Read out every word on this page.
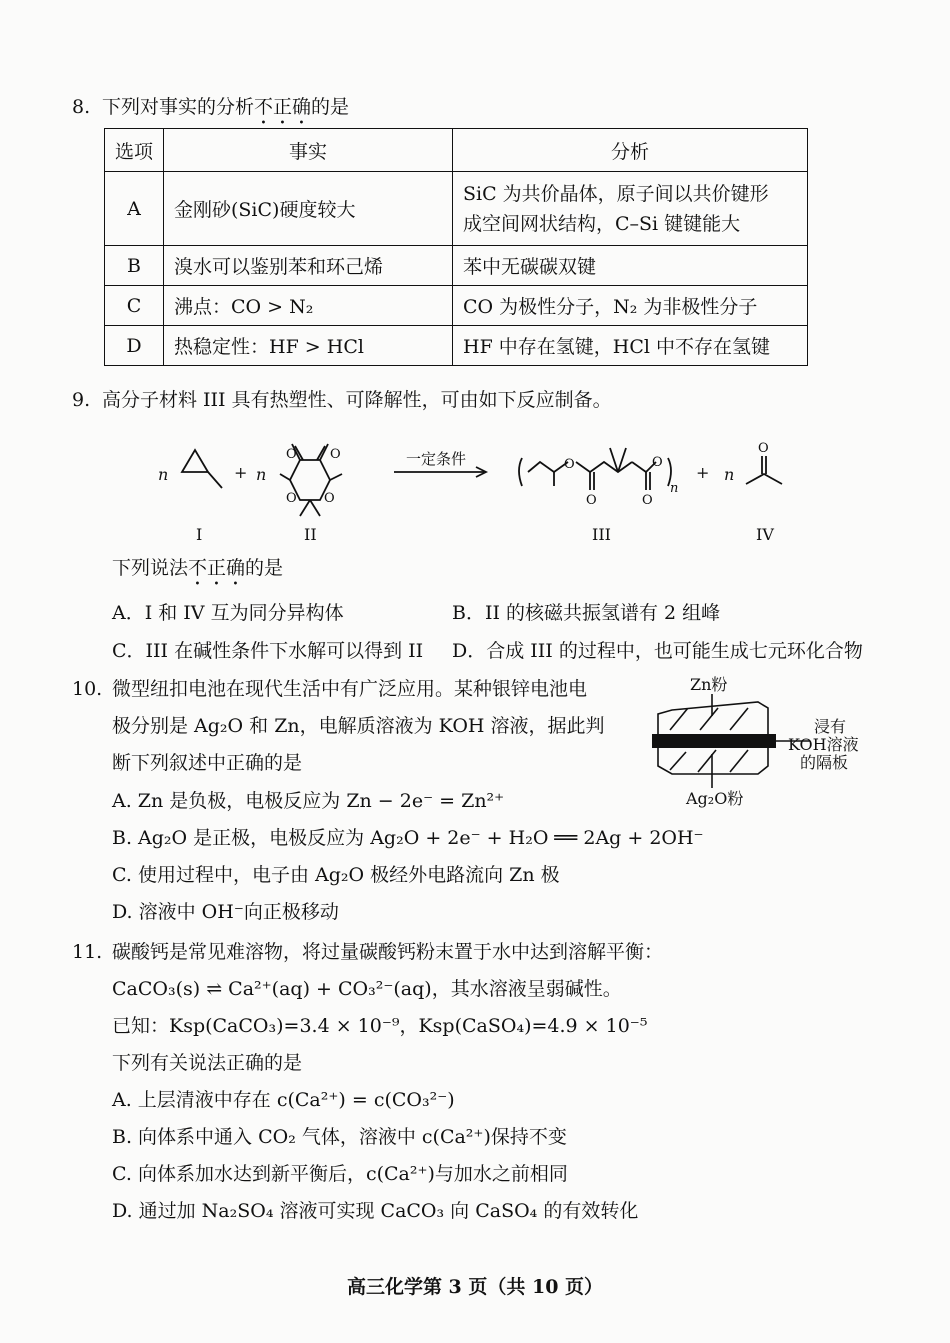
8. 下列对事实的分析不正确的是
选项	事实	分析
A	金刚砂(SiC)硬度较大	SiC 为共价晶体，原子间以共价键形
成空间网状结构，C–Si 键键能大

B	溴水可以鉴别苯和环己烯	苯中无碳碳双键
C	沸点：CO > N₂	CO 为极性分子，N₂ 为非极性分子
D	热稳定性：HF > HCl	HF 中存在氢键，HCl 中不存在氢键
9. 高分子材料 III 具有热塑性、可降解性，可由如下反应制备。
n	+ n
O	O
O O
一定条件	O
O	O
O
n
+ n
O
I	II	III	IV
下列说法不正确的是
A．I 和 IV 互为同分异构体	B．II 的核磁共振氢谱有 2 组峰
C．III 在碱性条件下水解可以得到 II D．合成 III 的过程中，也可能生成七元环化合物
10. 微型纽扣电池在现代生活中有广泛应用。某种银锌电池电
极分别是 Ag₂O 和 Zn，电解质溶液为 KOH 溶液，据此判
断下列叙述中正确的是
Zn粉
Ag₂O粉
浸有
KOH溶液
的隔板
A. Zn 是负极，电极反应为 Zn − 2e⁻ = Zn²⁺
B. Ag₂O 是正极，电极反应为 Ag₂O + 2e⁻ + H₂O ══ 2Ag + 2OH⁻
C. 使用过程中，电子由 Ag₂O 极经外电路流向 Zn 极
D. 溶液中 OH⁻向正极移动
11. 碳酸钙是常见难溶物，将过量碳酸钙粉末置于水中达到溶解平衡：
CaCO₃(s) ⇌ Ca²⁺(aq) + CO₃²⁻(aq)，其水溶液呈弱碱性。
已知：Ksp(CaCO₃)=3.4 × 10⁻⁹，Ksp(CaSO₄)=4.9 × 10⁻⁵
下列有关说法正确的是
A. 上层清液中存在 c(Ca²⁺) = c(CO₃²⁻)
B. 向体系中通入 CO₂ 气体，溶液中 c(Ca²⁺)保持不变
C. 向体系加水达到新平衡后，c(Ca²⁺)与加水之前相同
D. 通过加 Na₂SO₄ 溶液可实现 CaCO₃ 向 CaSO₄ 的有效转化
高三化学第 3 页（共 10 页）
